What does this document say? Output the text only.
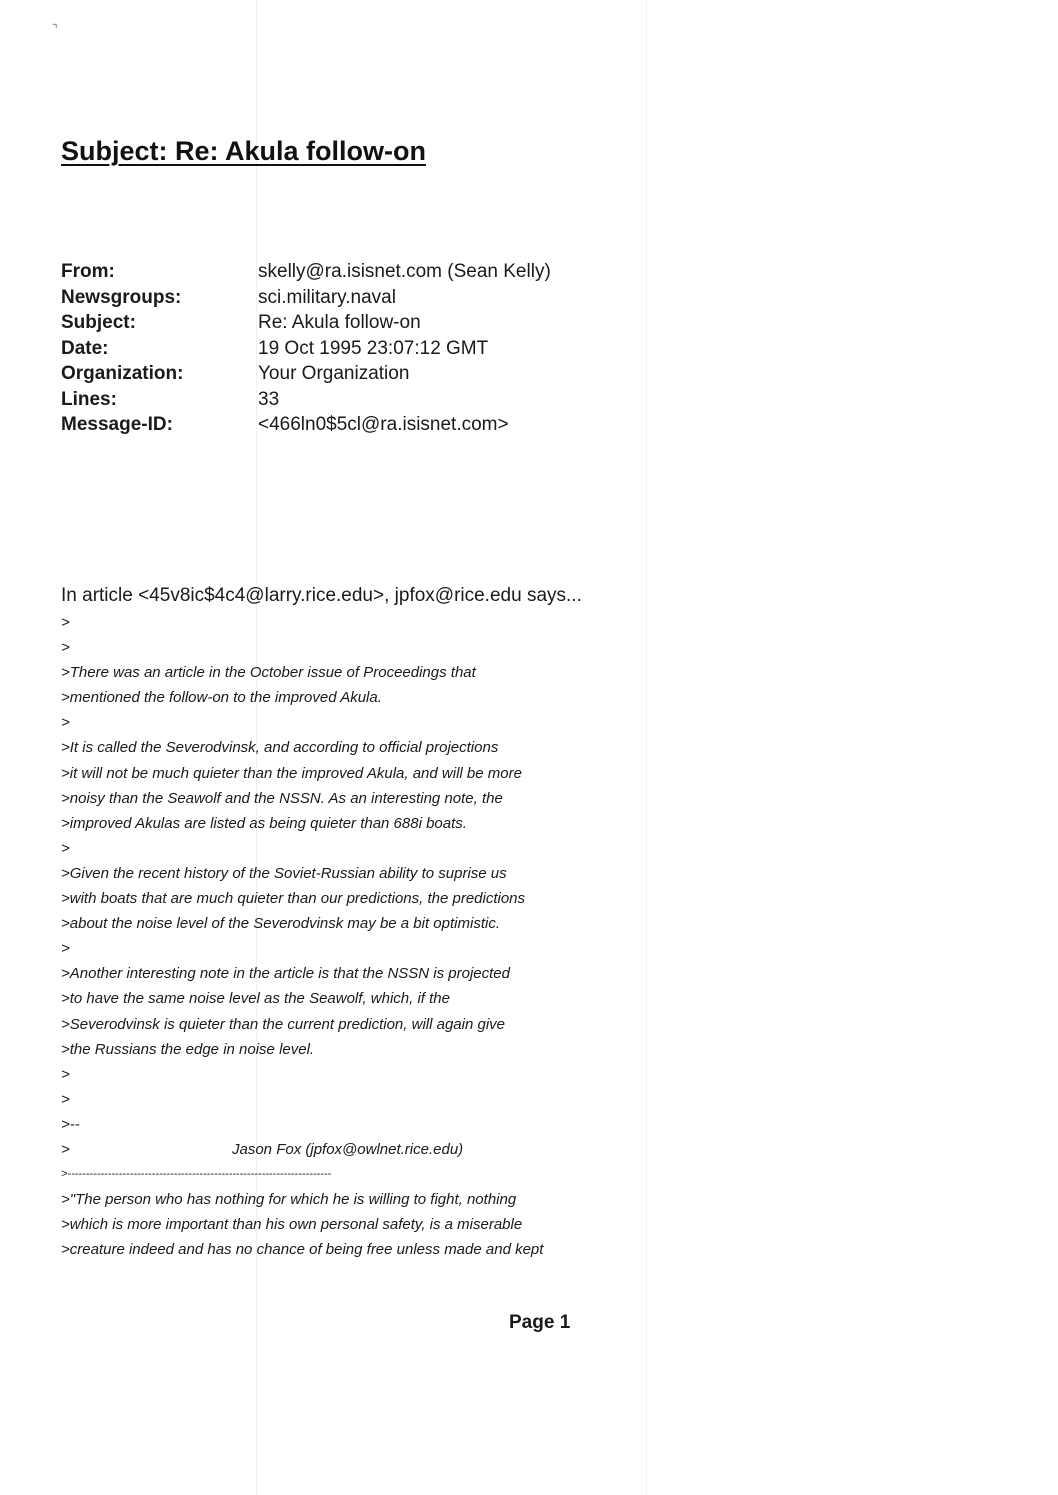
⌝
Subject: Re: Akula follow-on
From:	skelly@ra.isisnet.com (Sean Kelly)
Newsgroups:	sci.military.naval
Subject:	Re: Akula follow-on
Date:	19 Oct 1995 23:07:12 GMT
Organization:	Your Organization
Lines:	33
Message-ID:	<466ln0$5cl@ra.isisnet.com>
In article <45v8ic$4c4@larry.rice.edu>, jpfox@rice.edu says...
>
>
>There was an article in the October issue of Proceedings that
>mentioned the follow-on to the improved Akula.
>
>It is called the Severodvinsk, and according to official projections
>it will not be much quieter than the improved Akula, and will be more
>noisy than the Seawolf and the NSSN. As an interesting note, the
>improved Akulas are listed as being quieter than 688i boats.
>
>Given the recent history of the Soviet-Russian ability to suprise us
>with boats that are much quieter than our predictions, the predictions
>about the noise level of the Severodvinsk may be a bit optimistic.
>
>Another interesting note in the article is that the NSSN is projected
>to have the same noise level as the Seawolf, which, if the
>Severodvinsk is quieter than the current prediction, will again give
>the Russians the edge in noise level.
>
>
>--
>	Jason Fox (jpfox@owlnet.rice.edu)
>------------------------------------------------------------------------
>"The person who has nothing for which he is willing to fight, nothing
>which is more important than his own personal safety, is a miserable
>creature indeed and has no chance of being free unless made and kept
Page 1
